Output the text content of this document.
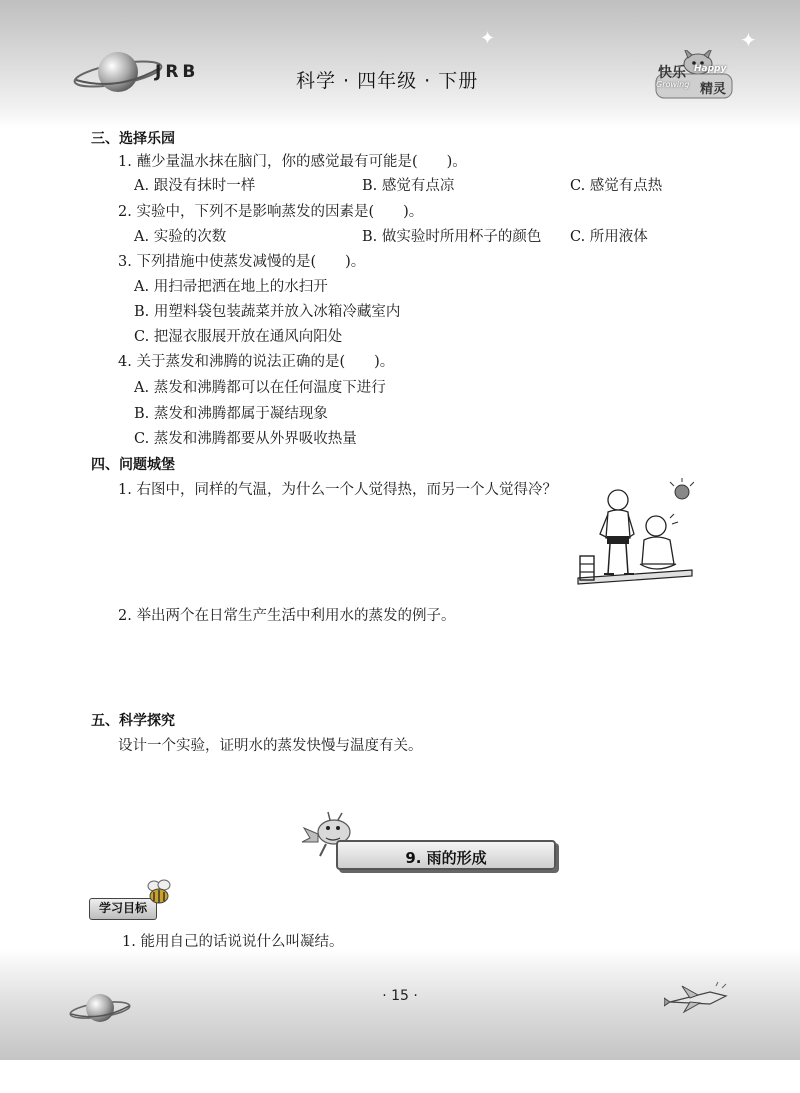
JRB	科学 · 四年级 · 下册
✦	✦
快乐 Happy
Growing 精灵
三、选择乐园
1. 蘸少量温水抹在脑门，你的感觉最有可能是(　　)。
A. 跟没有抹时一样	B. 感觉有点凉	C. 感觉有点热
2. 实验中，下列不是影响蒸发的因素是(　　)。
A. 实验的次数	B. 做实验时所用杯子的颜色 C. 所用液体
3. 下列措施中使蒸发减慢的是(　　)。
A. 用扫帚把洒在地上的水扫开
B. 用塑料袋包装蔬菜并放入冰箱冷藏室内
C. 把湿衣服展开放在通风向阳处
4. 关于蒸发和沸腾的说法正确的是(　　)。
A. 蒸发和沸腾都可以在任何温度下进行
B. 蒸发和沸腾都属于凝结现象
C. 蒸发和沸腾都要从外界吸收热量
四、问题城堡
1. 右图中，同样的气温，为什么一个人觉得热，而另一个人觉得冷？
2. 举出两个在日常生产生活中利用水的蒸发的例子。
五、科学探究
设计一个实验，证明水的蒸发快慢与温度有关。
9. 雨的形成
学习目标
1. 能用自己的话说说什么叫凝结。
· 15 ·
